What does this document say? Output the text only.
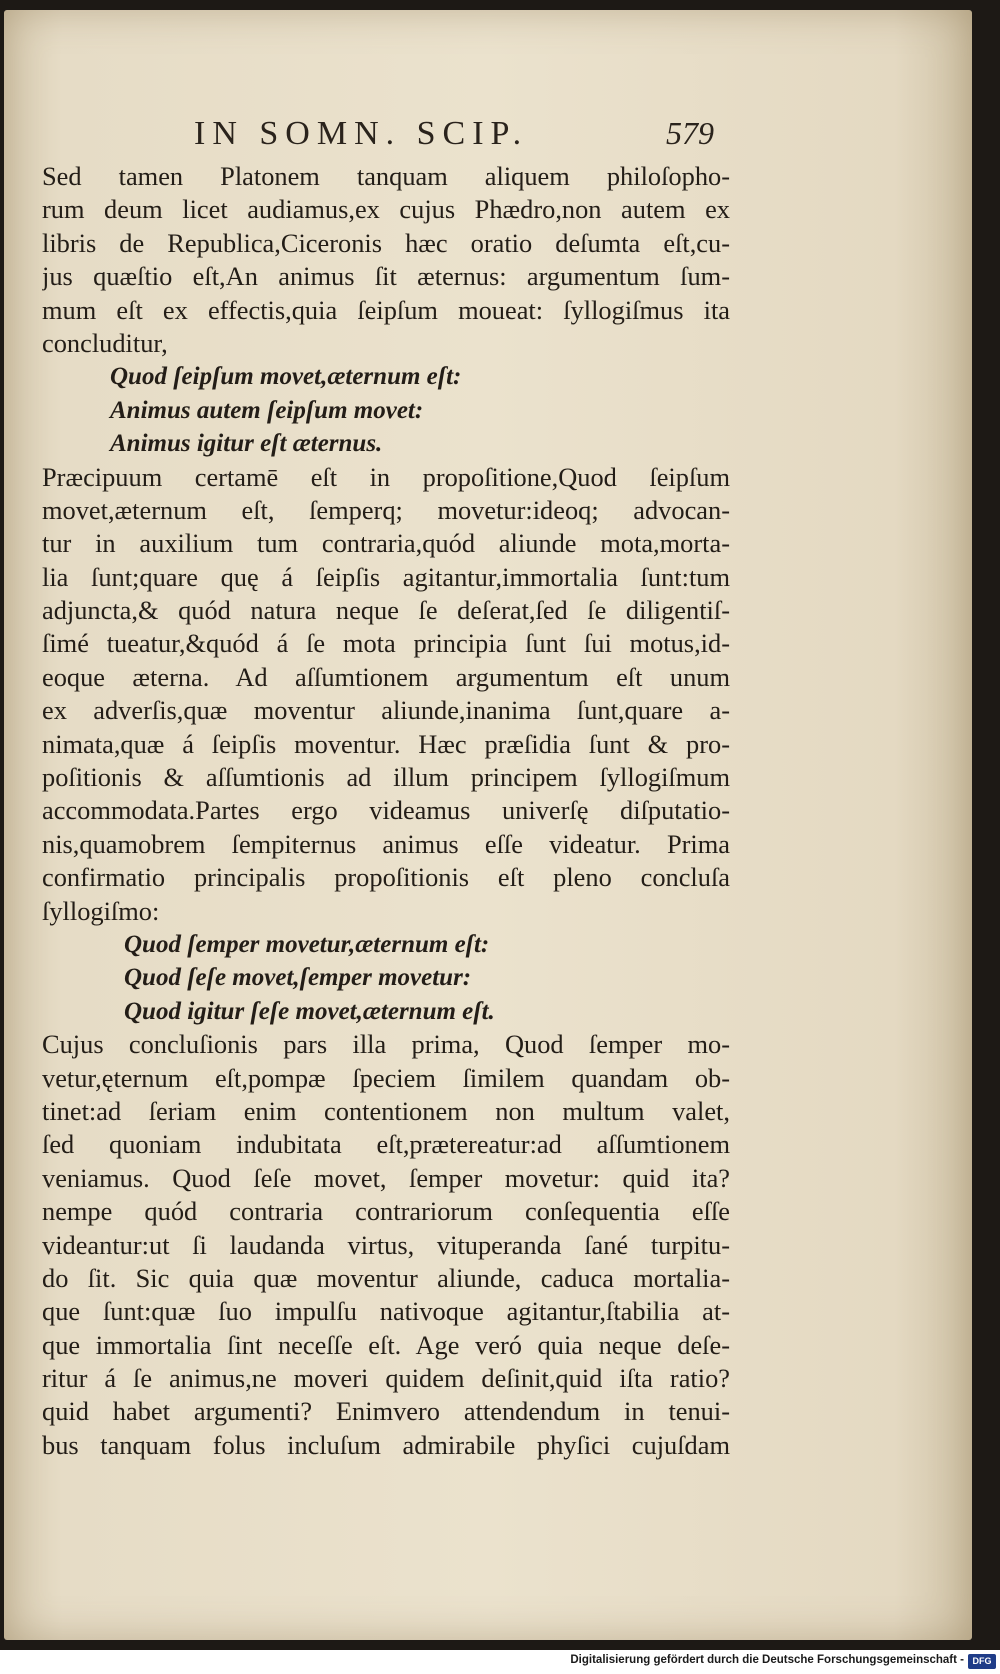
IN SOMN. SCIP.	579
Sed tamen Platonem tanquam aliquem philoſopho-
rum deum licet audiamus,ex cujus Phædro,non autem ex
libris de Republica,Ciceronis hæc oratio deſumta eſt,cu-
jus quæſtio eſt,An animus ſit æternus: argumentum ſum-
mum eſt ex effectis,quia ſeipſum moueat: ſyllogiſmus ita
concluditur,
Quod ſeipſum movet,æternum eſt:
Animus autem ſeipſum movet:
Animus igitur eſt æternus.
Præcipuum certamē eſt in propoſitione,Quod ſeipſum
movet,æternum eſt, ſemperq; movetur:ideoq; advocan-
tur in auxilium tum contraria,quód aliunde mota,morta-
lia ſunt;quare quę á ſeipſis agitantur,immortalia ſunt:tum
adjuncta,& quód natura neque ſe deſerat,ſed ſe diligentiſ-
ſimé tueatur,&quód á ſe mota principia ſunt ſui motus,id-
eoque æterna. Ad aſſumtionem argumentum eſt unum
ex adverſis,quæ moventur aliunde,inanima ſunt,quare a-
nimata,quæ á ſeipſis moventur. Hæc præſidia ſunt & pro-
poſitionis & aſſumtionis ad illum principem ſyllogiſmum
accommodata.Partes ergo videamus univerſę diſputatio-
nis,quamobrem ſempiternus animus eſſe videatur. Prima
confirmatio principalis propoſitionis eſt pleno concluſa
ſyllogiſmo:
Quod ſemper movetur,æternum eſt:
Quod ſeſe movet,ſemper movetur:
Quod igitur ſeſe movet,æternum eſt.
Cujus concluſionis pars illa prima, Quod ſemper mo-
vetur,ęternum eſt,pompæ ſpeciem ſimilem quandam ob-
tinet:ad ſeriam enim contentionem non multum valet,
ſed quoniam indubitata eſt,prætereatur:ad aſſumtionem
veniamus. Quod ſeſe movet, ſemper movetur: quid ita?
nempe quód contraria contrariorum conſequentia eſſe
videantur:ut ſi laudanda virtus, vituperanda ſané turpitu-
do ſit. Sic quia quæ moventur aliunde, caduca mortalia-
que ſunt:quæ ſuo impulſu nativoque agitantur,ſtabilia at-
que immortalia ſint neceſſe eſt. Age veró quia neque deſe-
ritur á ſe animus,ne moveri quidem deſinit,quid iſta ratio?
quid habet argumenti? Enimvero attendendum in tenui-
bus tanquam folus incluſum admirabile phyſici cujuſdam
Digitalisierung gefördert durch die Deutsche Forschungsgemeinschaft - DFG
